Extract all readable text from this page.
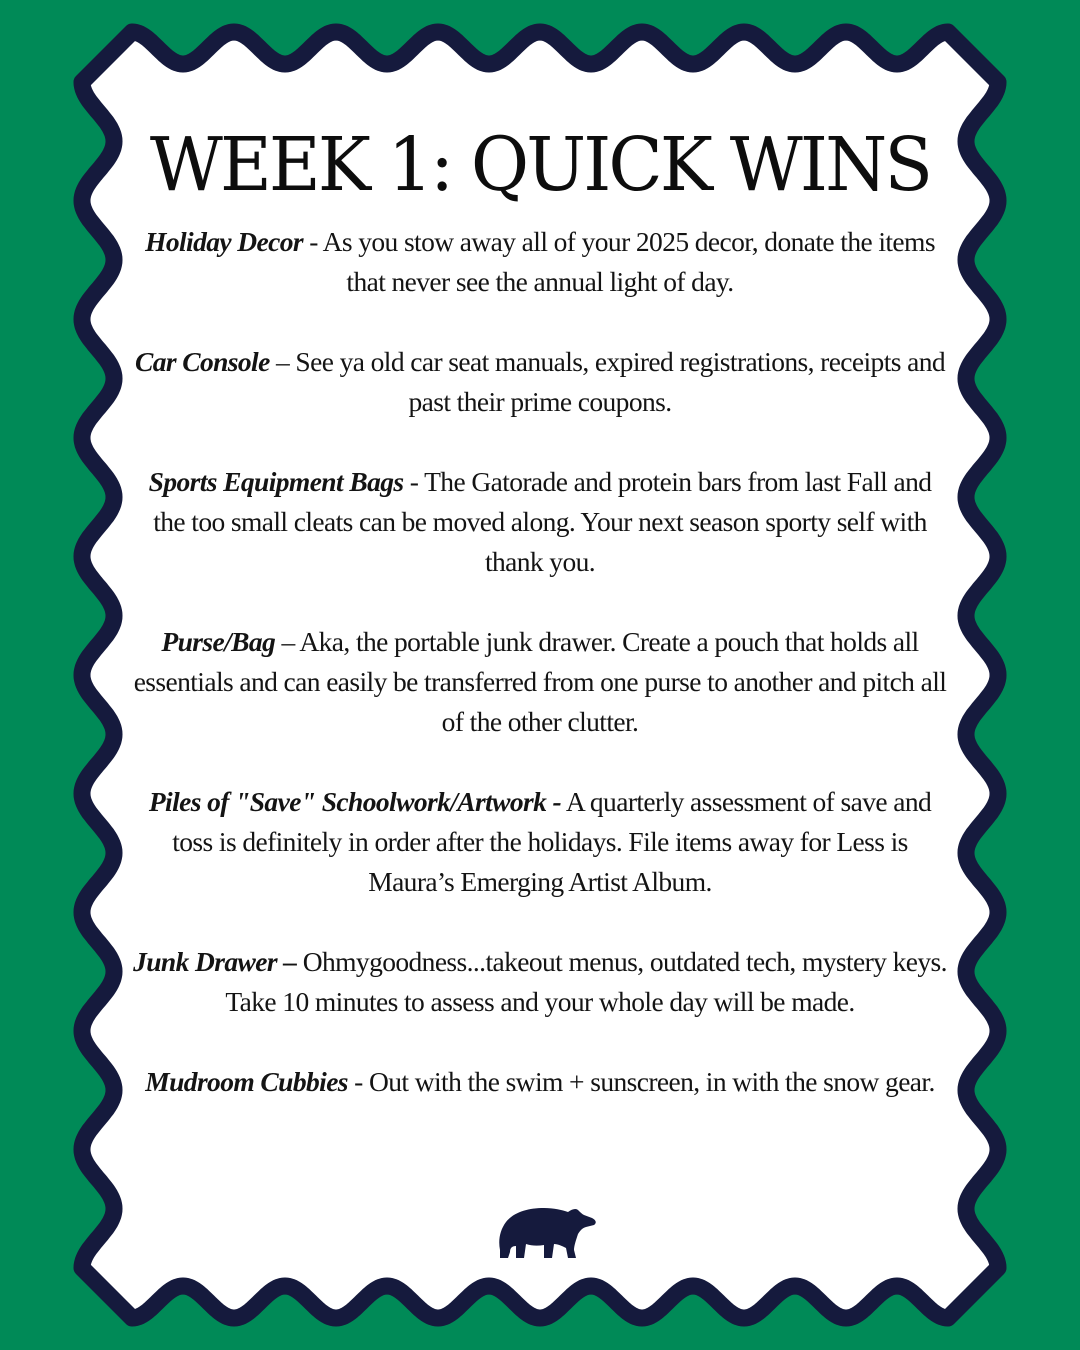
WEEK 1: QUICK WINS

Holiday Decor - As you stow away all of your 2025 decor, donate the items that never see the annual light of day.

Car Console – See ya old car seat manuals, expired registrations, receipts and past their prime coupons.

Sports Equipment Bags - The Gatorade and protein bars from last Fall and the too small cleats can be moved along. Your next season sporty self with thank you.

Purse/Bag – Aka, the portable junk drawer. Create a pouch that holds all essentials and can easily be transferred from one purse to another and pitch all of the other clutter.

Piles of "Save" Schoolwork/Artwork - A quarterly assessment of save and toss is definitely in order after the holidays. File items away for Less is Maura’s Emerging Artist Album.

Junk Drawer – Ohmygoodness...takeout menus, outdated tech, mystery keys. Take 10 minutes to assess and your whole day will be made.

Mudroom Cubbies - Out with the swim + sunscreen, in with the snow gear.
